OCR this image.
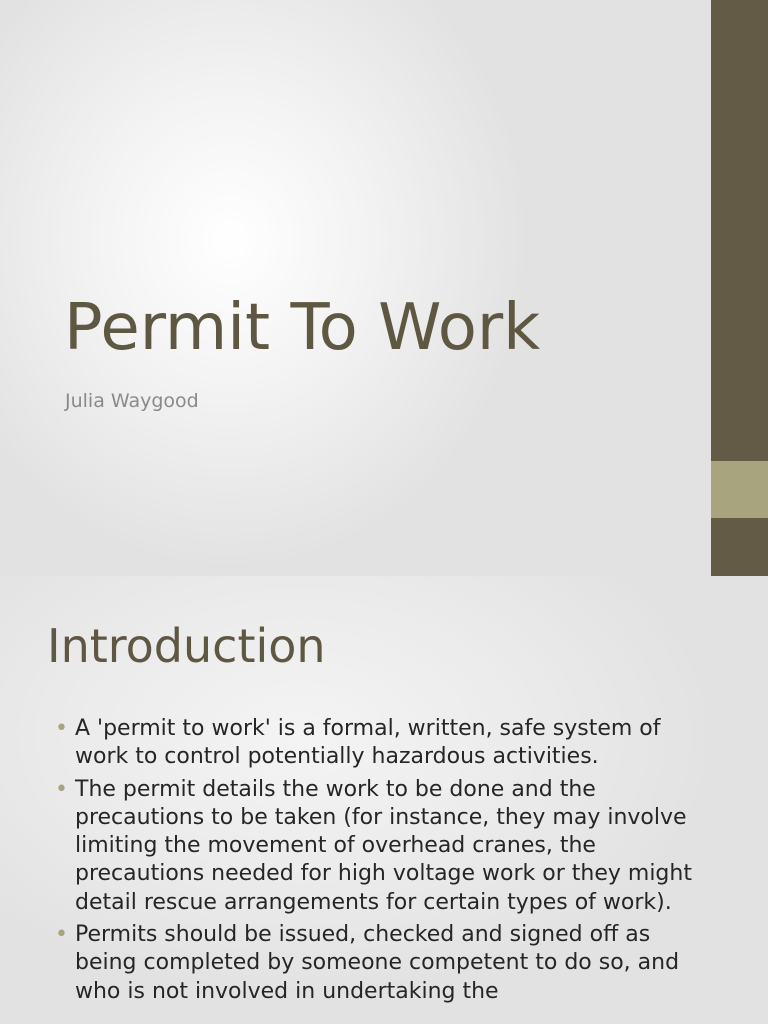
Permit To Work

Julia Waygood

Introduction
• A 'permit to work' is a formal, written, safe system of work to control potentially hazardous activities.
• The permit details the work to be done and the precautions to be taken (for instance, they may involve limiting the movement of overhead cranes, the precautions needed for high voltage work or they might detail rescue arrangements for certain types of work).
• Permits should be issued, checked and signed off as being completed by someone competent to do so, and who is not involved in undertaking the
